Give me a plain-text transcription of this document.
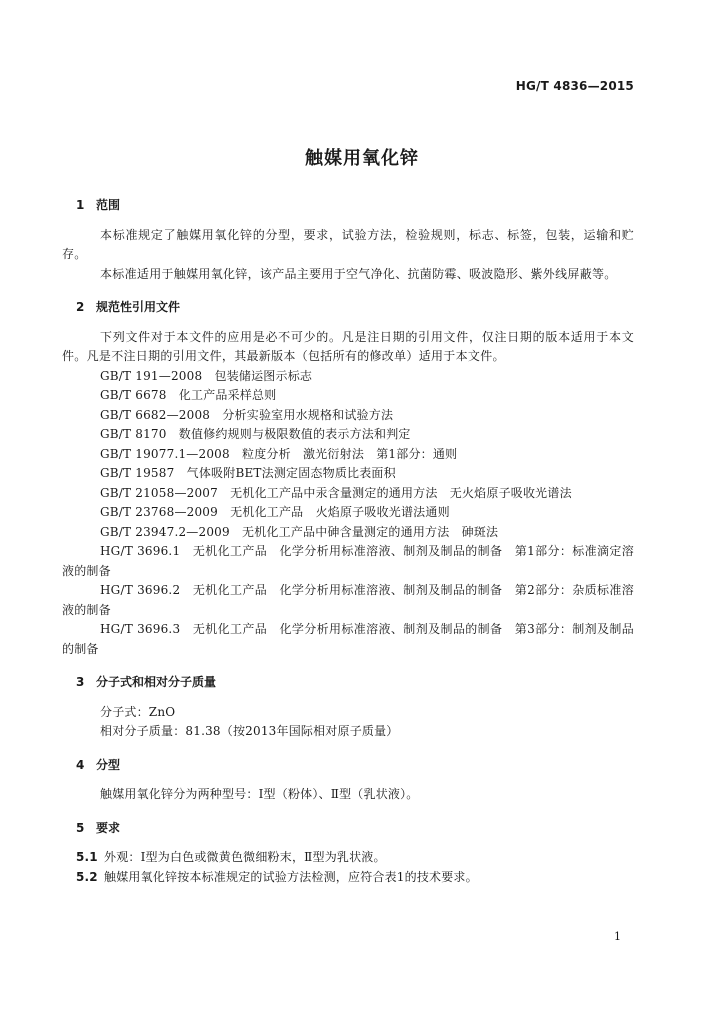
HG/T 4836—2015
触媒用氧化锌
1 范围
本标准规定了触媒用氧化锌的分型，要求，试验方法，检验规则，标志、标签，包装，运输和贮存。
本标准适用于触媒用氧化锌，该产品主要用于空气净化、抗菌防霉、吸波隐形、紫外线屏蔽等。
2 规范性引用文件
下列文件对于本文件的应用是必不可少的。凡是注日期的引用文件，仅注日期的版本适用于本文件。凡是不注日期的引用文件，其最新版本（包括所有的修改单）适用于本文件。
GB/T 191—2008　包装储运图示标志
GB/T 6678　化工产品采样总则
GB/T 6682—2008　分析实验室用水规格和试验方法
GB/T 8170　数值修约规则与极限数值的表示方法和判定
GB/T 19077.1—2008　粒度分析　激光衍射法　第1部分：通则
GB/T 19587　气体吸附BET法测定固态物质比表面积
GB/T 21058—2007　无机化工产品中汞含量测定的通用方法　无火焰原子吸收光谱法
GB/T 23768—2009　无机化工产品　火焰原子吸收光谱法通则
GB/T 23947.2—2009　无机化工产品中砷含量测定的通用方法　砷斑法
HG/T 3696.1　无机化工产品　化学分析用标准溶液、制剂及制品的制备　第1部分：标准滴定溶液的制备
HG/T 3696.2　无机化工产品　化学分析用标准溶液、制剂及制品的制备　第2部分：杂质标准溶液的制备
HG/T 3696.3　无机化工产品　化学分析用标准溶液、制剂及制品的制备　第3部分：制剂及制品的制备
3 分子式和相对分子质量
分子式：ZnO
相对分子质量：81.38（按2013年国际相对原子质量）
4 分型
触媒用氧化锌分为两种型号：Ⅰ型（粉体）、Ⅱ型（乳状液）。
5 要求
5.1 外观：Ⅰ型为白色或微黄色微细粉末，Ⅱ型为乳状液。
5.2 触媒用氧化锌按本标准规定的试验方法检测，应符合表1的技术要求。
1
